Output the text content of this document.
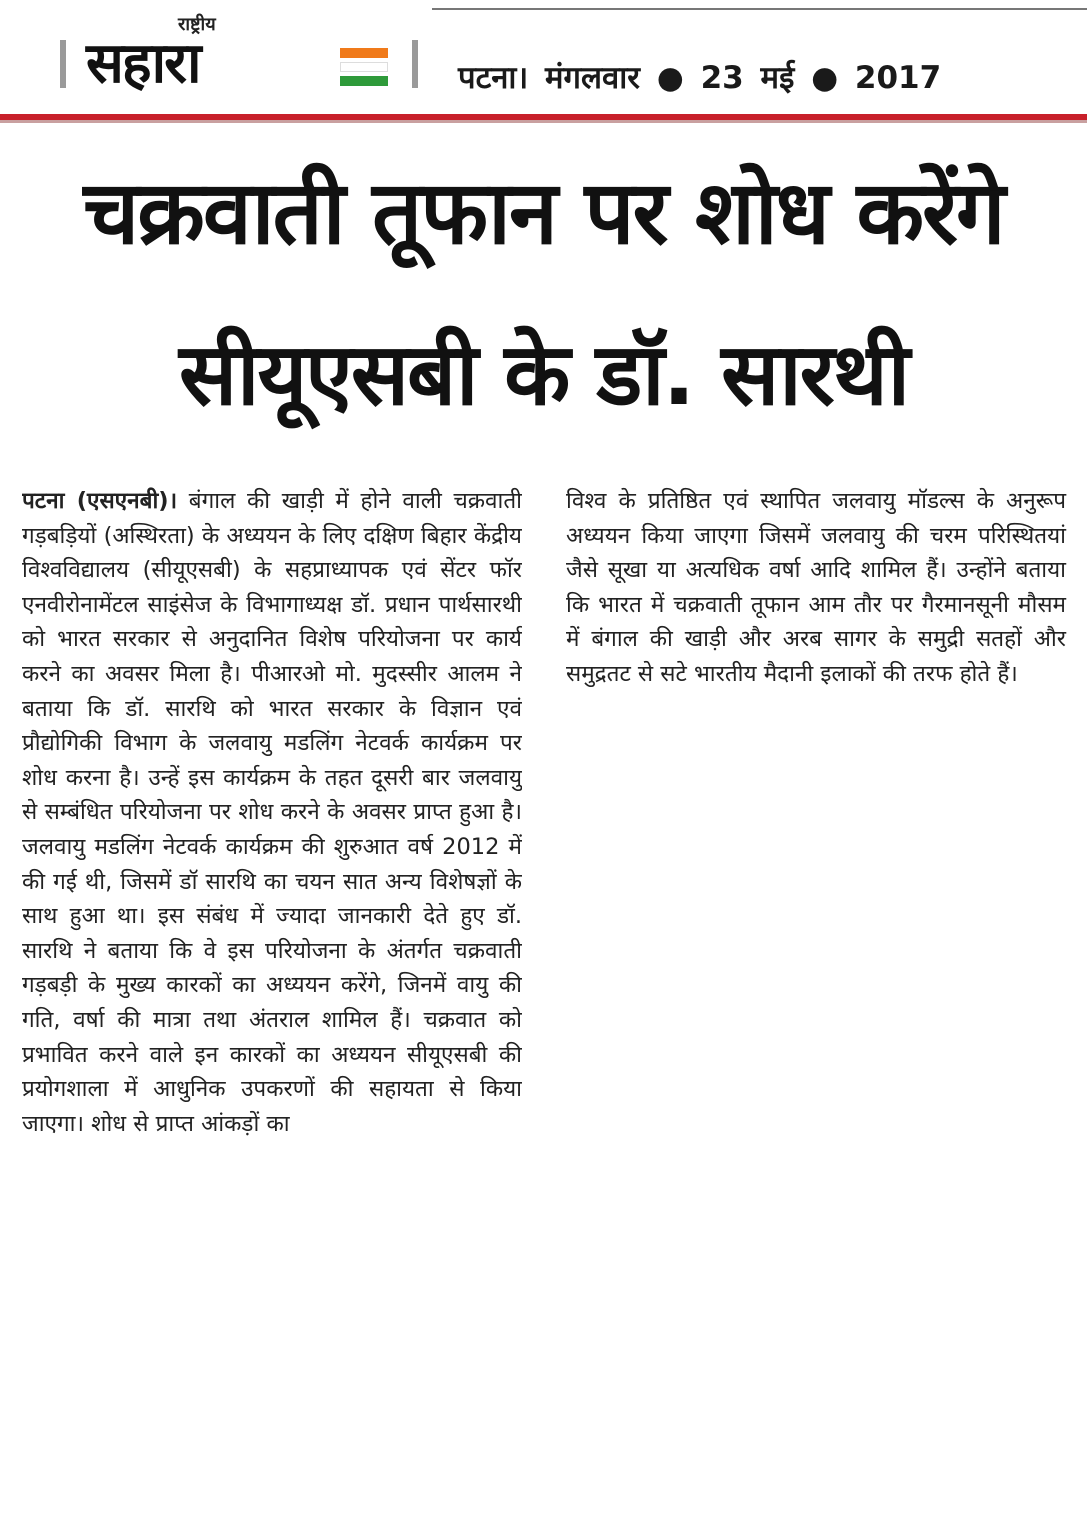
राष्ट्रीय
सहारा	पटना। मंगलवार ● 23 मई ● 2017
चक्रवाती तूफान पर शोध करेंगे
सीयूएसबी के डॉ. सारथी

पटना (एसएनबी)। बंगाल की खाड़ी में होने वाली चक्रवाती गड़बड़ियों (अस्थिरता) के अध्ययन के लिए दक्षिण बिहार केंद्रीय विश्वविद्यालय (सीयूएसबी) के सहप्राध्यापक एवं सेंटर फॉर एनवीरोनामेंटल साइंसेज के विभागाध्यक्ष डॉ. प्रधान पार्थसारथी को भारत सरकार से अनुदानित विशेष परियोजना पर कार्य करने का अवसर मिला है। पीआरओ मो. मुदस्सीर आलम ने बताया कि डॉ. सारथि को भारत सरकार के विज्ञान एवं प्रौद्योगिकी विभाग के जलवायु मडलिंग नेटवर्क कार्यक्रम पर शोध करना है। उन्हें इस कार्यक्रम के तहत दूसरी बार जलवायु से सम्बंधित परियोजना पर शोध करने के अवसर प्राप्त हुआ है। जलवायु मडलिंग नेटवर्क कार्यक्रम की शुरुआत वर्ष 2012 में की गई थी, जिसमें डॉ सारथि का चयन सात अन्य विशेषज्ञों के साथ हुआ था। इस संबंध में ज्यादा जानकारी देते हुए डॉ. सारथि ने बताया कि वे इस परियोजना के अंतर्गत चक्रवाती गड़बड़ी के मुख्य कारकों का अध्ययन करेंगे, जिनमें वायु की गति, वर्षा की मात्रा तथा अंतराल शामिल हैं। चक्रवात को प्रभावित करने वाले इन कारकों का अध्ययन सीयूएसबी की प्रयोगशाला में आधुनिक उपकरणों की सहायता से किया जाएगा। शोध से प्राप्त आंकड़ों का

विश्व के प्रतिष्ठित एवं स्थापित जलवायु मॉडल्स के अनुरूप अध्ययन किया जाएगा जिसमें जलवायु की चरम परिस्थितयां जैसे सूखा या अत्यधिक वर्षा आदि शामिल हैं। उन्होंने बताया कि भारत में चक्रवाती तूफान आम तौर पर गैरमानसूनी मौसम में बंगाल की खाड़ी और अरब सागर के समुद्री सतहों और समुद्रतट से सटे भारतीय मैदानी इलाकों की तरफ होते हैं।
